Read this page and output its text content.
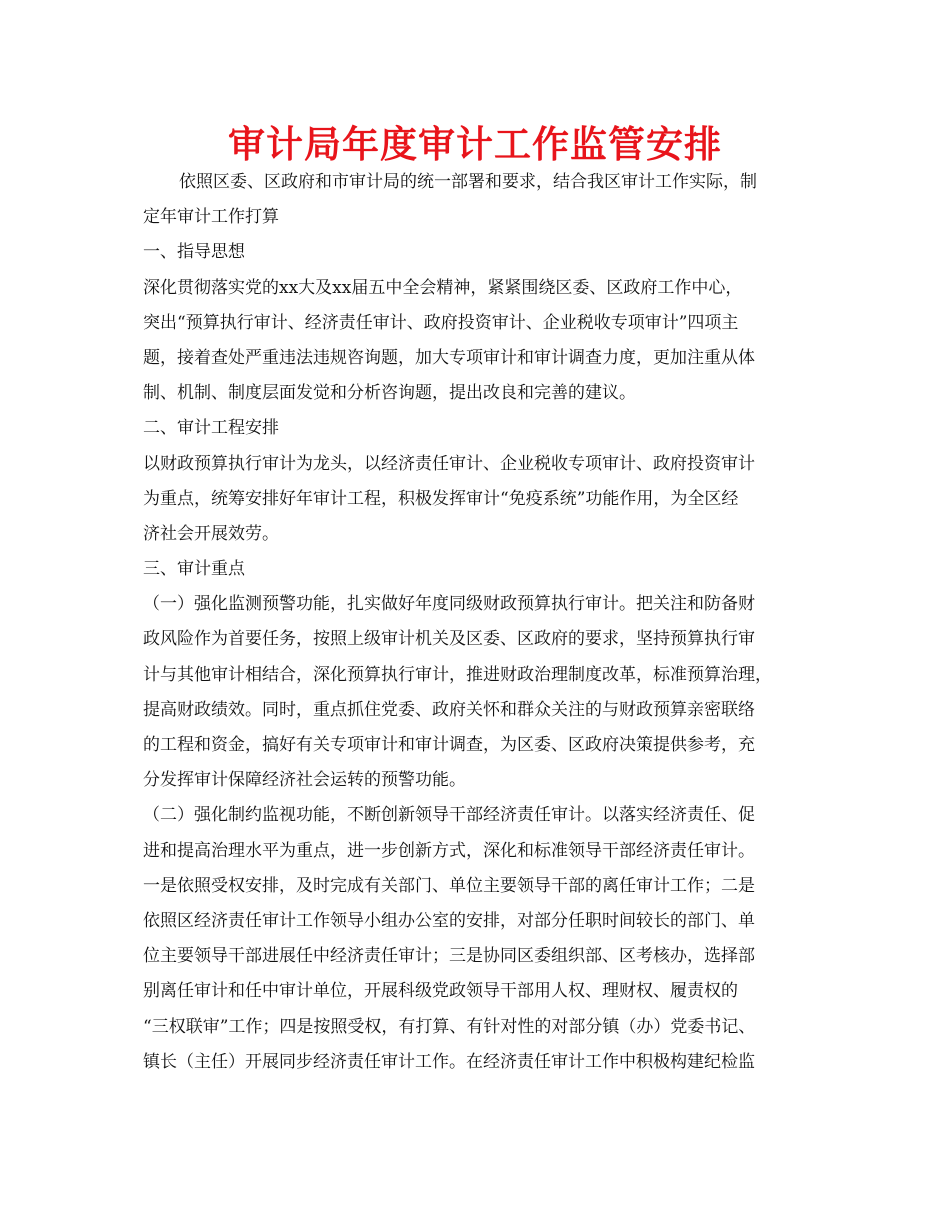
审计局年度审计工作监管安排
依照区委、区政府和市审计局的统一部署和要求，结合我区审计工作实际，制
定年审计工作打算
一、指导思想
深化贯彻落实党的xx大及xx届五中全会精神，紧紧围绕区委、区政府工作中心，
突出“预算执行审计、经济责任审计、政府投资审计、企业税收专项审计”四项主
题，接着查处严重违法违规咨询题，加大专项审计和审计调查力度，更加注重从体
制、机制、制度层面发觉和分析咨询题，提出改良和完善的建议。
二、审计工程安排
以财政预算执行审计为龙头，以经济责任审计、企业税收专项审计、政府投资审计
为重点，统筹安排好年审计工程，积极发挥审计“免疫系统”功能作用，为全区经
济社会开展效劳。
三、审计重点
（一）强化监测预警功能，扎实做好年度同级财政预算执行审计。把关注和防备财
政风险作为首要任务，按照上级审计机关及区委、区政府的要求，坚持预算执行审
计与其他审计相结合，深化预算执行审计，推进财政治理制度改革，标准预算治理，
提高财政绩效。同时，重点抓住党委、政府关怀和群众关注的与财政预算亲密联络
的工程和资金，搞好有关专项审计和审计调查，为区委、区政府决策提供参考，充
分发挥审计保障经济社会运转的预警功能。
（二）强化制约监视功能，不断创新领导干部经济责任审计。以落实经济责任、促
进和提高治理水平为重点，进一步创新方式，深化和标准领导干部经济责任审计。
一是依照受权安排，及时完成有关部门、单位主要领导干部的离任审计工作；二是
依照区经济责任审计工作领导小组办公室的安排，对部分任职时间较长的部门、单
位主要领导干部进展任中经济责任审计；三是协同区委组织部、区考核办，选择部
别离任审计和任中审计单位，开展科级党政领导干部用人权、理财权、履责权的
“三权联审”工作；四是按照受权，有打算、有针对性的对部分镇（办）党委书记、
镇长（主任）开展同步经济责任审计工作。在经济责任审计工作中积极构建纪检监
